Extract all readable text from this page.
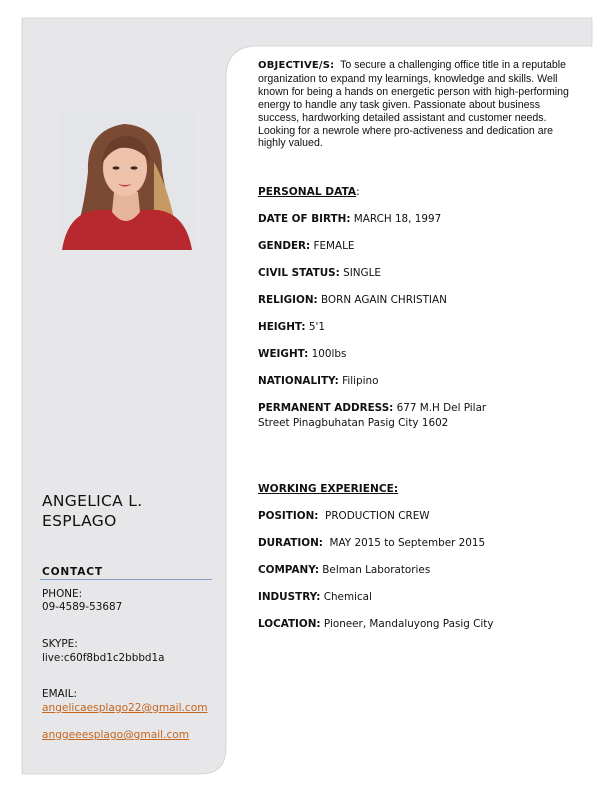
OBJECTIVE/S: To secure a challenging office title in a reputable organization to expand my learnings, knowledge and skills. Well known for being a hands on energetic person with high-performing energy to handle any task given. Passionate about business success, hardworking detailed assistant and customer needs. Looking for a newrole where pro-activeness and dedication are highly valued.
PERSONAL DATA:
DATE OF BIRTH: MARCH 18, 1997
GENDER: FEMALE
CIVIL STATUS: SINGLE
RELIGION: BORN AGAIN CHRISTIAN
HEIGHT: 5'1
WEIGHT: 100lbs
NATIONALITY: Filipino
PERMANENT ADDRESS: 677 M.H Del Pilar Street Pinagbuhatan Pasig City 1602
WORKING EXPERIENCE:
POSITION: PRODUCTION CREW
DURATION: MAY 2015 to September 2015
COMPANY: Belman Laboratories
INDUSTRY: Chemical
LOCATION: Pioneer, Mandaluyong Pasig City
ANGELICA L.
ESPLAGO
CONTACT
PHONE:
09-4589-53687
SKYPE:
live:c60f8bd1c2bbbd1a
EMAIL:
angelicaesplago22@gmail.com
anggeeesplago@gmail.com
